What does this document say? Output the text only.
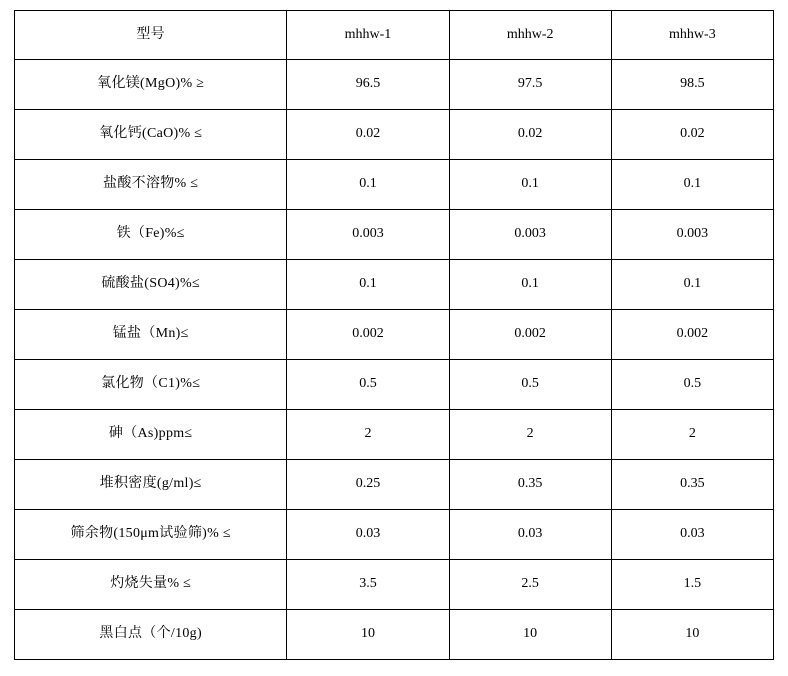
型号	mhhw-1	mhhw-2	mhhw-3
氧化镁(MgO)% ≥	96.5	97.5	98.5
氧化钙(CaO)% ≤	0.02	0.02	0.02
盐酸不溶物% ≤	0.1	0.1	0.1
铁（Fe)%≤	0.003	0.003	0.003
硫酸盐(SO4)%≤	0.1	0.1	0.1
锰盐（Mn)≤	0.002	0.002	0.002
氯化物（C1)%≤	0.5	0.5	0.5
砷（As)ppm≤	2	2	2
堆积密度(g/ml)≤	0.25	0.35	0.35
筛余物(150μm试验筛)% ≤	0.03	0.03	0.03
灼烧失量% ≤	3.5	2.5	1.5
黑白点（个/10g)	10	10	10
